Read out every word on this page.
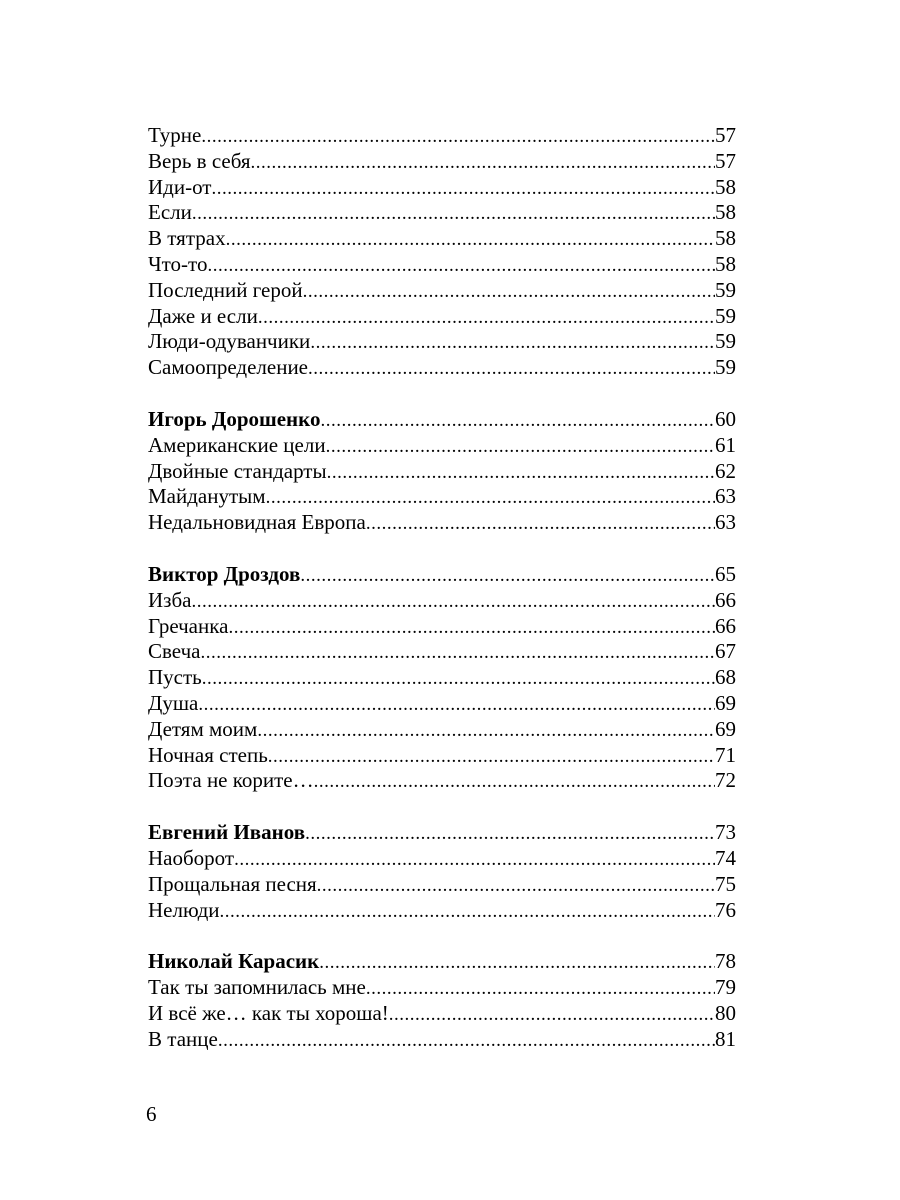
Турне .....	57
Верь в себя .....	57
Иди-от .....	58
Если .....	58
В тятрах .....	58
Что-то .....	58
Последний герой .....	59
Даже и если .....	59
Люди-одуванчики .....	59
Самоопределение .....	59
Игорь Дорошенко .....	60
Американские цели .....	61
Двойные стандарты .....	62
Майданутым .....	63
Недальновидная Европа .....	63
Виктор Дроздов .....	65
Изба .....	66
Гречанка .....	66
Свеча .....	67
Пусть .....	68
Душа .....	69
Детям моим .....	69
Ночная степь .....	71
Поэта не корите… .....	72
Евгений Иванов .....	73
Наоборот .....	74
Прощальная песня .....	75
Нелюди .....	76
Николай Карасик .....	78
Так ты запомнилась мне .....	79
И всё же… как ты хороша! .....	80
В танце .....	81
6
